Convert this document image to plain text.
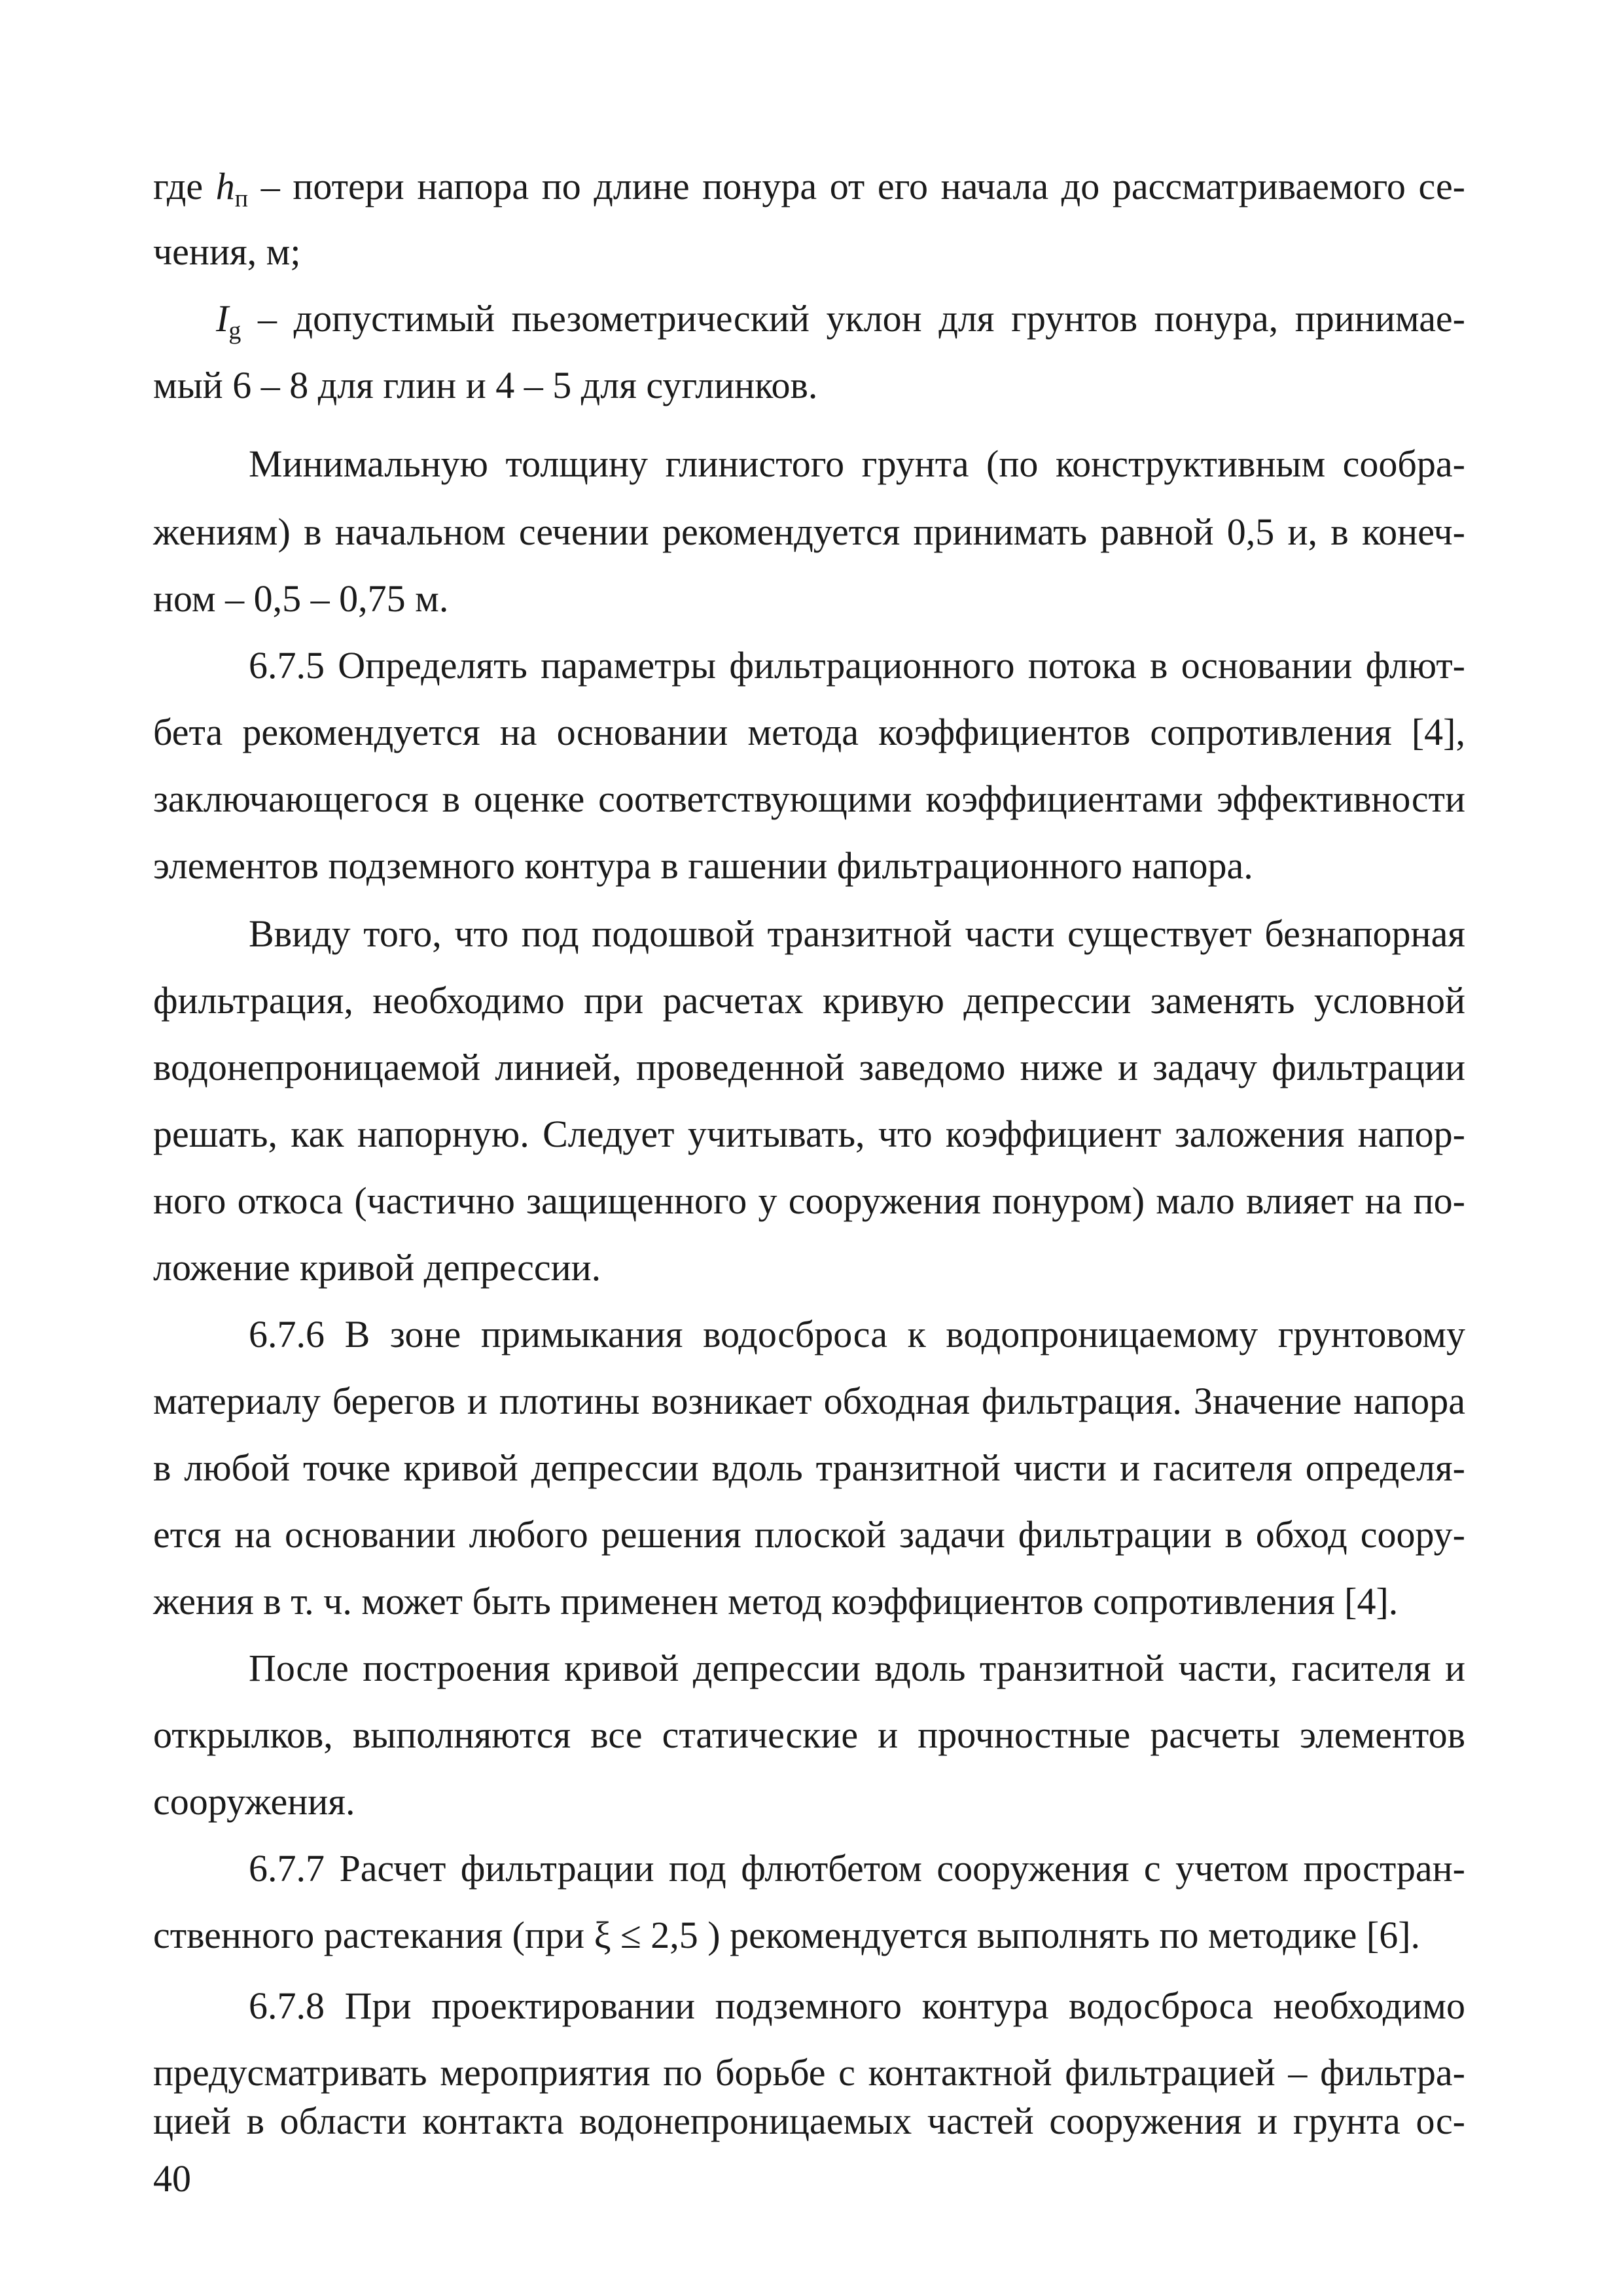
где $h_п$ – потери напора по длине понура от его начала до рассматриваемого се-
чения, м;
$I_g$ – допустимый пьезометрический уклон для грунтов понура, принимае-
мый 6 – 8 для глин и 4 – 5 для суглинков.
Минимальную толщину глинистого грунта (по конструктивным сообра-
жениям) в начальном сечении рекомендуется принимать равной 0,5 и, в конеч-
ном – 0,5 – 0,75 м.
6.7.5 Определять параметры фильтрационного потока в основании флют-
бета рекомендуется на основании метода коэффициентов сопротивления [4],
заключающегося в оценке соответствующими коэффициентами эффективности
элементов подземного контура в гашении фильтрационного напора.
Ввиду того, что под подошвой транзитной части существует безнапорная
фильтрация, необходимо при расчетах кривую депрессии заменять условной
водонепроницаемой линией, проведенной заведомо ниже и задачу фильтрации
решать, как напорную. Следует учитывать, что коэффициент заложения напор-
ного откоса (частично защищенного у сооружения понуром) мало влияет на по-
ложение кривой депрессии.
6.7.6 В зоне примыкания водосброса к водопроницаемому грунтовому
материалу берегов и плотины возникает обходная фильтрация. Значение напора
в любой точке кривой депрессии вдоль транзитной чисти и гасителя определя-
ется на основании любого решения плоской задачи фильтрации в обход соору-
жения в т. ч. может быть применен метод коэффициентов сопротивления [4].
После построения кривой депрессии вдоль транзитной части, гасителя и
открылков, выполняются все статические и прочностные расчеты элементов
сооружения.
6.7.7 Расчет фильтрации под флютбетом сооружения с учетом простран-
ственного растекания (при ξ ≤ 2,5 ) рекомендуется выполнять по методике [6].
6.7.8 При проектировании подземного контура водосброса необходимо
предусматривать мероприятия по борьбе с контактной фильтрацией – фильтра-
цией в области контакта водонепроницаемых частей сооружения и грунта ос-
40
